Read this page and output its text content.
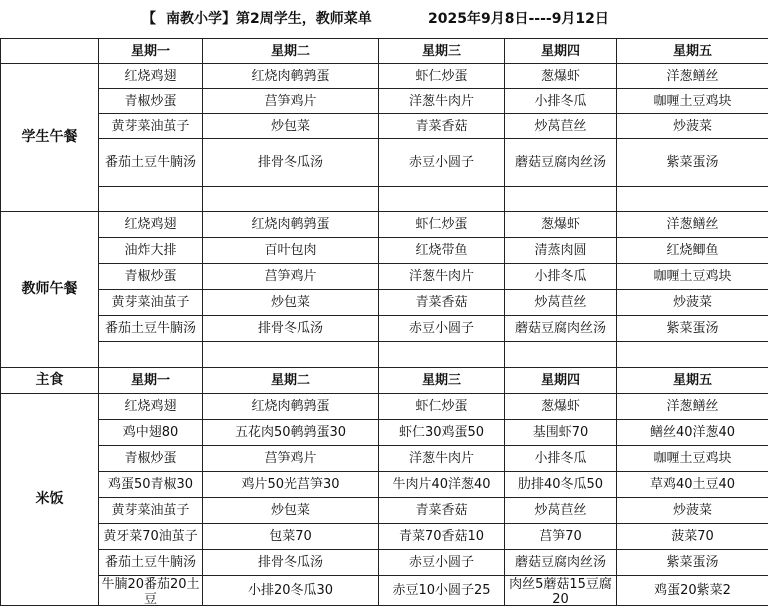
【 南教小学】第2周学生，教师菜单	2025年9月8日----9月12日
	星期一	星期二	星期三	星期四	星期五
学生午餐	红烧鸡翅	红烧肉鹌鹑蛋	虾仁炒蛋	葱爆虾	洋葱鳝丝
	青椒炒蛋	莒笋鸡片	洋葱牛肉片	小排冬瓜	咖喱土豆鸡块
	黄芽菜油茧子	炒包菜	青菜香菇	炒莴苣丝	炒菠菜

	番茄土豆牛腩汤	排骨冬瓜汤	赤豆小圆子	蘑菇豆腐肉丝汤	紫菜蛋汤

教师午餐	红烧鸡翅	红烧肉鹌鹑蛋	虾仁炒蛋	葱爆虾	洋葱鳝丝
	油炸大排	百叶包肉	红烧带鱼	清蒸肉圆	红烧鲫鱼
	青椒炒蛋	莒笋鸡片	洋葱牛肉片	小排冬瓜	咖喱土豆鸡块
	黄芽菜油茧子	炒包菜	青菜香菇	炒莴苣丝	炒菠菜

	番茄土豆牛腩汤	排骨冬瓜汤	赤豆小圆子	蘑菇豆腐肉丝汤	紫菜蛋汤

主食	星期一	星期二	星期三	星期四	星期五
米饭	红烧鸡翅	红烧肉鹌鹑蛋	虾仁炒蛋	葱爆虾	洋葱鳝丝
	鸡中翅80	五花肉50鹌鹑蛋30	虾仁30鸡蛋50	基围虾70	鳝丝40洋葱40
	青椒炒蛋	莒笋鸡片	洋葱牛肉片	小排冬瓜	咖喱土豆鸡块
	鸡蛋50青椒30	鸡片50光莒笋30	牛肉片40洋葱40	肋排40冬瓜50	草鸡40土豆40
	黄芽菜油茧子	炒包菜	青菜香菇	炒莴苣丝	炒菠菜

	黄牙菜70油茧子	包菜70	青菜70香菇10	莒笋70	菠菜70

	番茄土豆牛腩汤	排骨冬瓜汤	赤豆小圆子	蘑菇豆腐肉丝汤	紫菜蛋汤

	牛腩20番茄20土豆	小排20冬瓜30	赤豆10小圆子25	肉丝5蘑菇15豆腐20	鸡蛋20紫菜2
